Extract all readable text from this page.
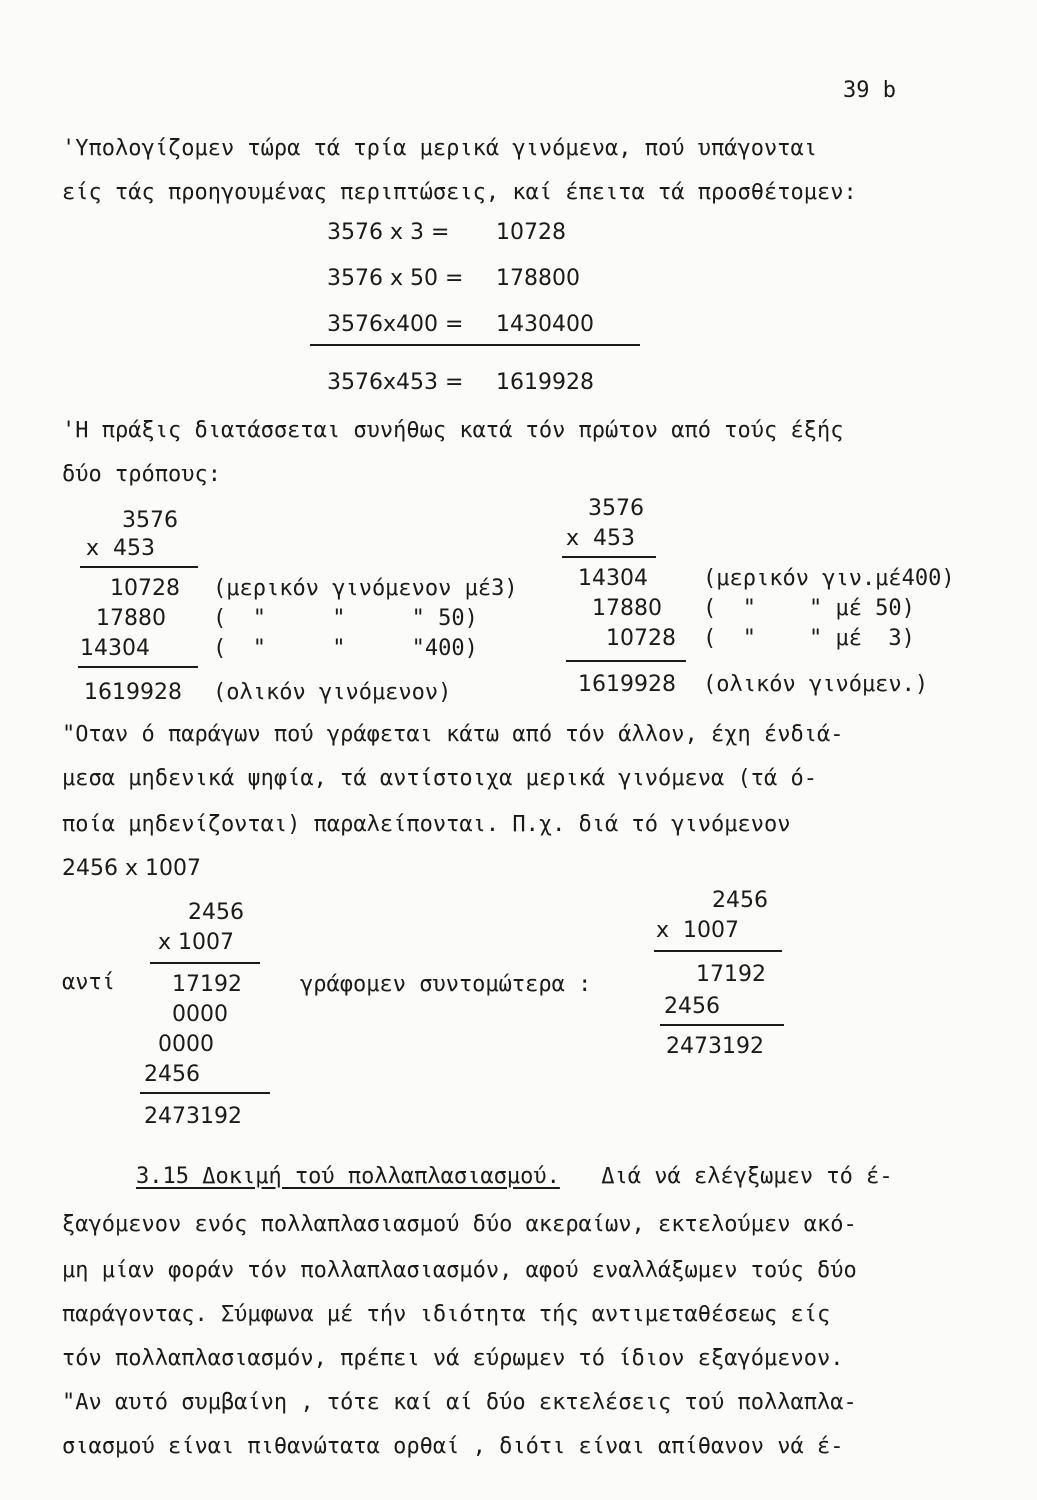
39 b
'Υπολογίζομεν τώρα τά τρία μερικά γινόμενα, πού υπάγονται
είς τάς προηγουμένας περιπτώσεις, καί έπειτα τά προσθέτομεν:
3576 x 3 = 10728
3576 x 50 = 178800
3576x400 = 1430400
3576x453 = 1619928
'Η πράξις διατάσσεται συνήθως κατά τόν πρώτον από τούς έξής
δύο τρόπους:
3576
x  453
10728 (μερικόν γινόμενον μέ3)
17880 (  "     "     " 50)
14304	(  "     "     "400)
1619928 (ολικόν γινόμενον)
3576
x  453
14304	(μερικόν γιν.μέ400)
17880 (  "    " μέ 50)
10728 (  "    " μέ  3)
1619928 (ολικόν γινόμεν.)
"Οταν ό παράγων πού γράφεται κάτω από τόν άλλον, έχη ένδιά-
μεσα μηδενικά ψηφία, τά αντίστοιχα μερικά γινόμενα (τά ό-
ποία μηδενίζονται) παραλείπονται. Π.χ. διά τό γινόμενον
2456 x 1007
2456
x 1007
αντί	17192
0000
0000
2456
2473192
γράφομεν συντομώτερα :
2456
x  1007
17192
2456
2473192
3.15 Δοκιμή τού πολλαπλασιασμού. Διά νά ελέγξωμεν τό έ-
ξαγόμενον ενός πολλαπλασιασμού δύο ακεραίων, εκτελούμεν ακό-
μη μίαν φοράν τόν πολλαπλασιασμόν, αφού εναλλάξωμεν τούς δύο
παράγοντας. Σύμφωνα μέ τήν ιδιότητα τής αντιμεταθέσεως είς
τόν πολλαπλασιασμόν, πρέπει νά εύρωμεν τό ίδιον εξαγόμενον.
"Αν αυτό συμβαίνη , τότε καί αί δύο εκτελέσεις τού πολλαπλα-
σιασμού είναι πιθανώτατα ορθαί , διότι είναι απίθανον νά έ-
